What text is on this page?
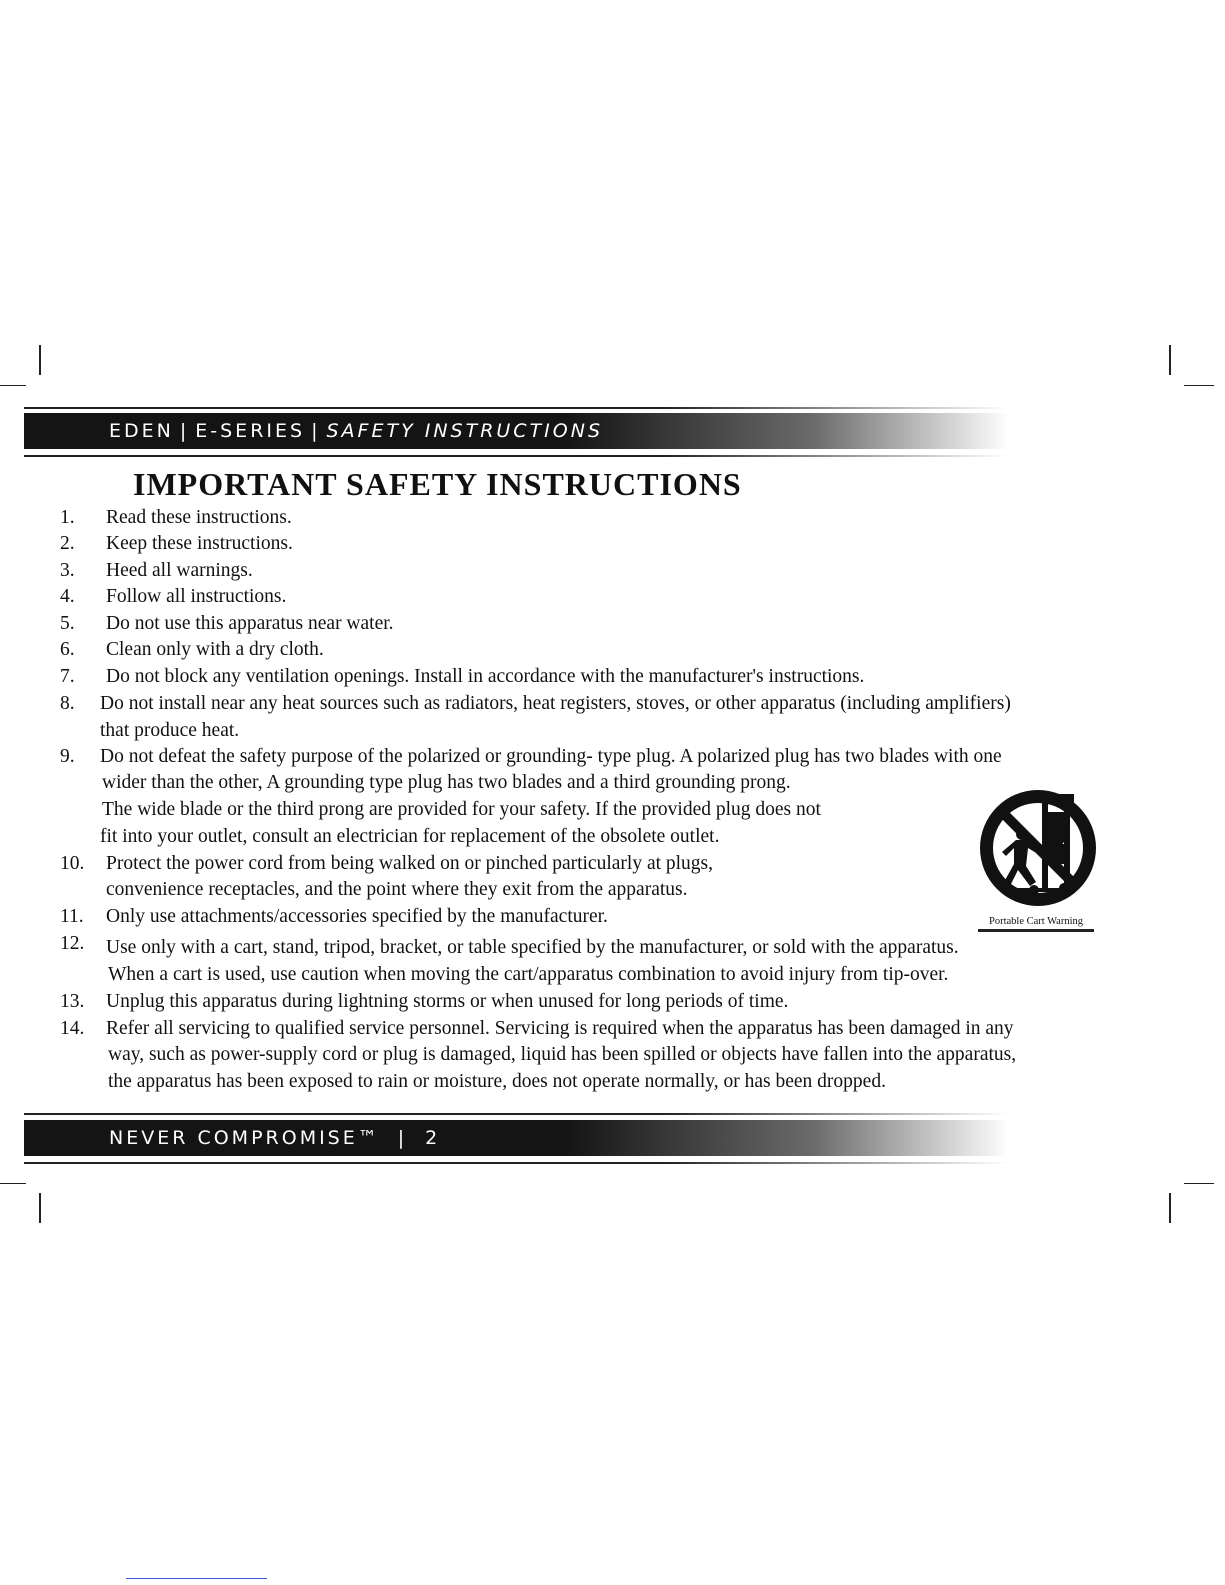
EDEN | E-SERIES | SAFETY INSTRUCTIONS
IMPORTANT SAFETY INSTRUCTIONS
1. Read these instructions.
2. Keep these instructions.
3. Heed all warnings.
4. Follow all instructions.
5. Do not use this apparatus near water.
6. Clean only with a dry cloth.
7. Do not block any ventilation openings. Install in accordance with the manufacturer's instructions.
8. Do not install near any heat sources such as radiators, heat registers, stoves, or other apparatus (including amplifiers)
that produce heat.
9. Do not defeat the safety purpose of the polarized or grounding- type plug. A polarized plug has two blades with one
wider than the other, A grounding type plug has two blades and a third grounding prong.
The wide blade or the third prong are provided for your safety. If the provided plug does not
fit into your outlet, consult an electrician for replacement of the obsolete outlet.
10. Protect the power cord from being walked on or pinched particularly at plugs,
convenience receptacles, and the point where they exit from the apparatus.
11. Only use attachments/accessories specified by the manufacturer.
12. Use only with a cart, stand, tripod, bracket, or table specified by the manufacturer, or sold with the apparatus.
When a cart is used, use caution when moving the cart/apparatus combination to avoid injury from tip-over.
13. Unplug this apparatus during lightning storms or when unused for long periods of time.
14. Refer all servicing to qualified service personnel. Servicing is required when the apparatus has been damaged in any
way, such as power-supply cord or plug is damaged, liquid has been spilled or objects have fallen into the apparatus,
the apparatus has been exposed to rain or moisture, does not operate normally, or has been dropped.
Portable Cart Warning
NEVER COMPROMISE™ | 2
